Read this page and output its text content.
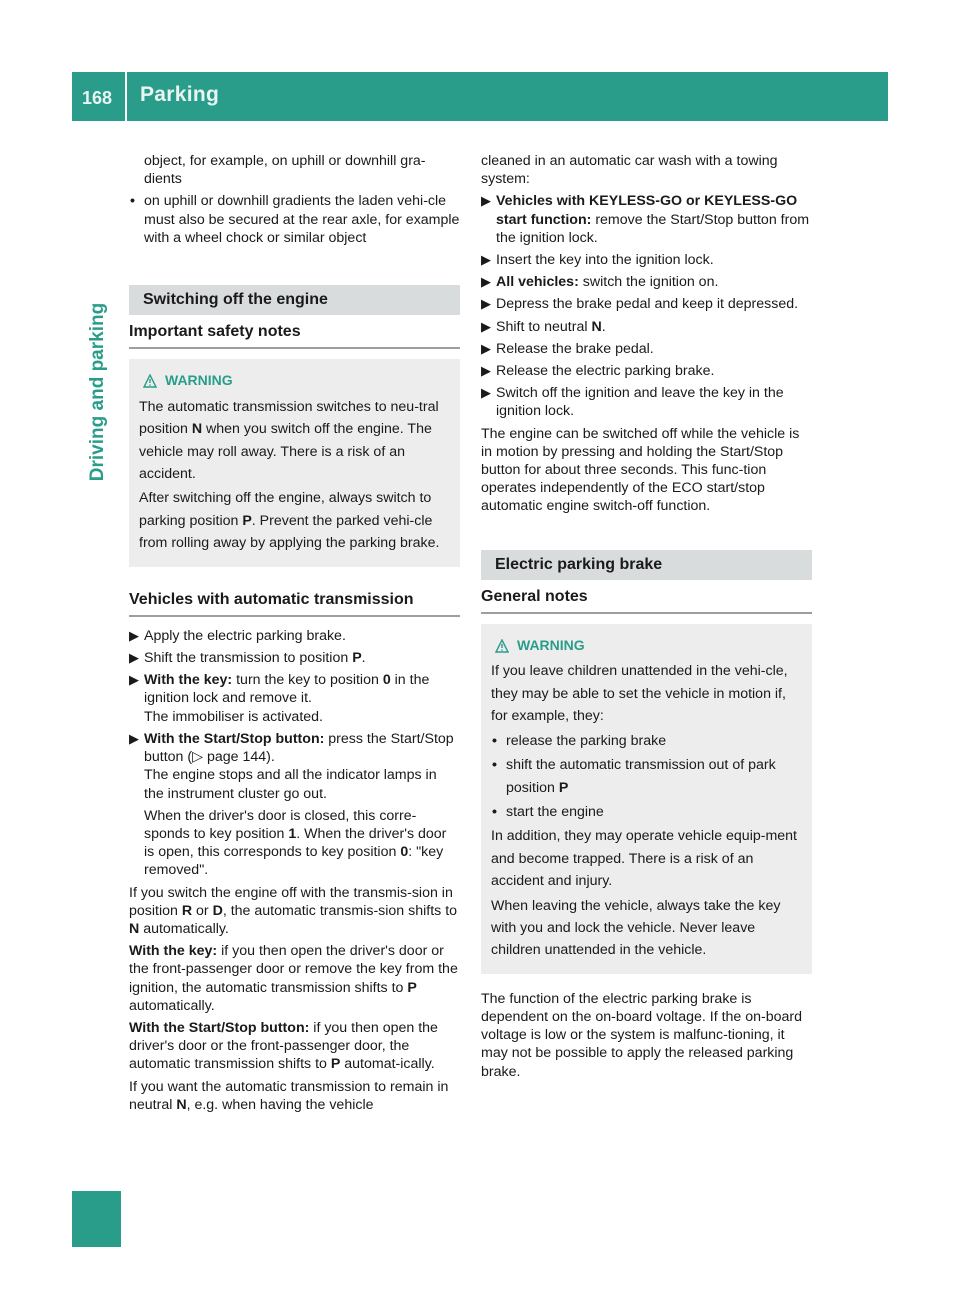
168 Parking
Driving and parking

object, for example, on uphill or downhill gra-dients

• on uphill or downhill gradients the laden vehi-cle must also be secured at the rear axle, for example with a wheel chock or similar object
Switching off the engine
Important safety notes
WARNING

The automatic transmission switches to neu-tral position N when you switch off the engine. The vehicle may roll away. There is a risk of an accident.

After switching off the engine, always switch to parking position P. Prevent the parked vehi-cle from rolling away by applying the parking brake.

Vehicles with automatic transmission
▶︎ Apply the electric parking brake.
▶︎ Shift the transmission to position P.
▶︎ With the key: turn the key to position 0 in the ignition lock and remove it.
The immobiliser is activated.
▶︎ With the Start/Stop button: press the Start/Stop button (▷ page 144).
The engine stops and all the indicator lamps in the instrument cluster go out.

When the driver's door is closed, this corre-sponds to key position 1. When the driver's door is open, this corresponds to key position 0: "key removed".

If you switch the engine off with the transmis-sion in position R or D, the automatic transmis-sion shifts to N automatically.

With the key: if you then open the driver's door or the front-passenger door or remove the key from the ignition, the automatic transmission shifts to P automatically.

With the Start/Stop button: if you then open the driver's door or the front-passenger door, the automatic transmission shifts to P automat-ically.

If you want the automatic transmission to remain in neutral N, e.g. when having the vehicle

cleaned in an automatic car wash with a towing system:

▶︎ Vehicles with KEYLESS-GO or KEYLESS-GO start function: remove the Start/Stop button from the ignition lock.
▶︎ Insert the key into the ignition lock.
▶︎ All vehicles: switch the ignition on.
▶︎ Depress the brake pedal and keep it depressed.
▶︎ Shift to neutral N.
▶︎ Release the brake pedal.
▶︎ Release the electric parking brake.
▶︎ Switch off the ignition and leave the key in the ignition lock.

The engine can be switched off while the vehicle is in motion by pressing and holding the Start/Stop button for about three seconds. This func-tion operates independently of the ECO start/stop automatic engine switch-off function.

Electric parking brake
General notes
WARNING

If you leave children unattended in the vehi-cle, they may be able to set the vehicle in motion if, for example, they:

• release the parking brake
• shift the automatic transmission out of park position P
• start the engine

In addition, they may operate vehicle equip-ment and become trapped. There is a risk of an accident and injury.

When leaving the vehicle, always take the key with you and lock the vehicle. Never leave children unattended in the vehicle.

The function of the electric parking brake is dependent on the on-board voltage. If the on-board voltage is low or the system is malfunc-tioning, it may not be possible to apply the released parking brake.
